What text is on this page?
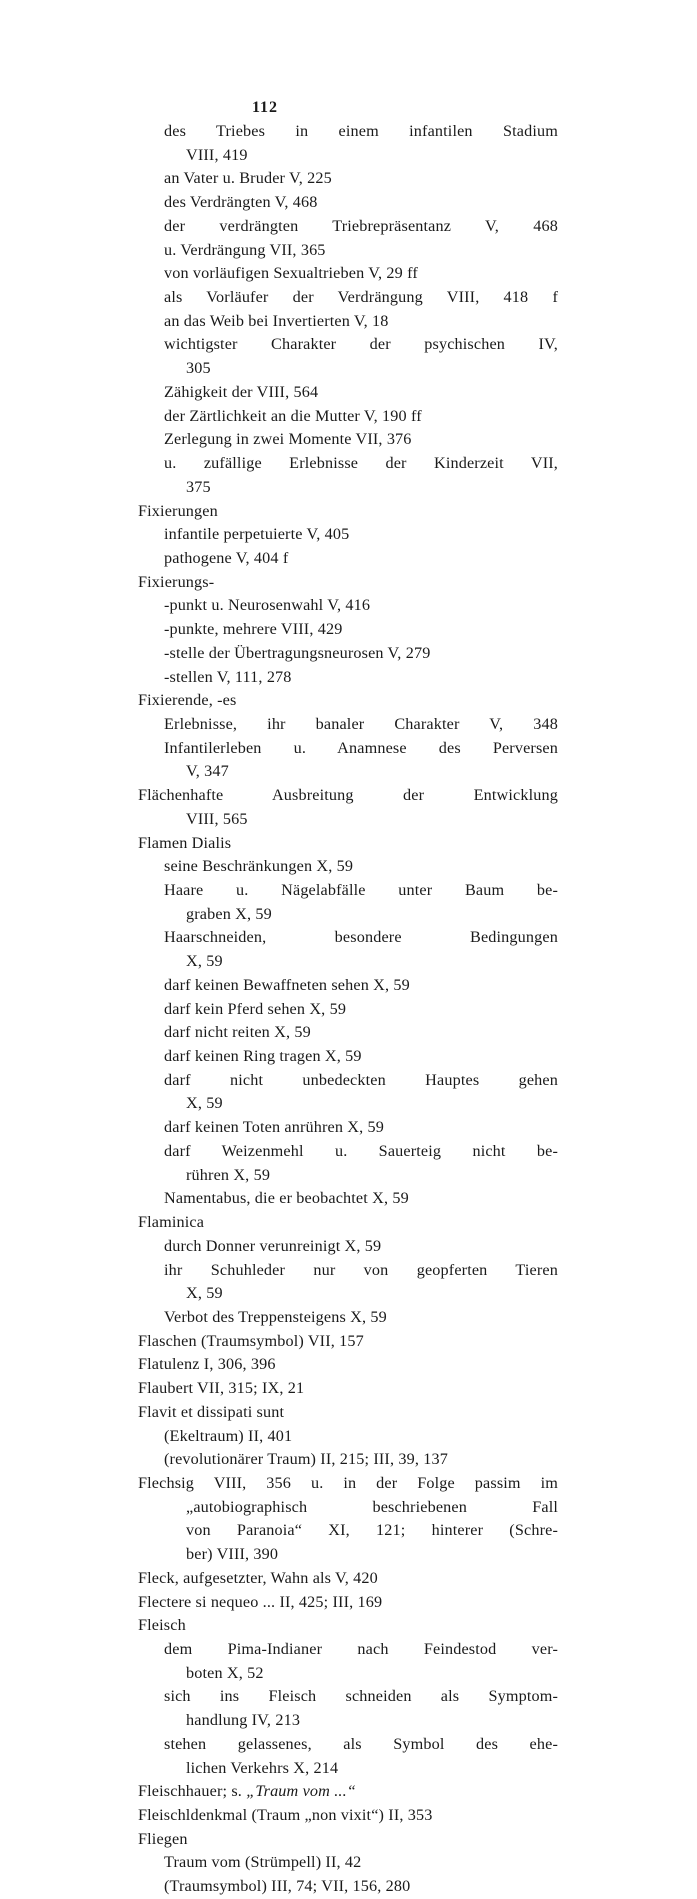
112
des Triebes in einem infantilen Stadium
VIII, 419
an Vater u. Bruder V, 225
des Verdrängten V, 468
der verdrängten Triebrepräsentanz V, 468
u. Verdrängung VII, 365
von vorläufigen Sexualtrieben V, 29 ff
als Vorläufer der Verdrängung VIII, 418 f
an das Weib bei Invertierten V, 18
wichtigster Charakter der psychischen IV,
305
Zähigkeit der VIII, 564
der Zärtlichkeit an die Mutter V, 190 ff
Zerlegung in zwei Momente VII, 376
u. zufällige Erlebnisse der Kinderzeit VII,
375
Fixierungen
infantile perpetuierte V, 405
pathogene V, 404 f
Fixierungs-
-punkt u. Neurosenwahl V, 416
-punkte, mehrere VIII, 429
-stelle der Übertragungsneurosen V, 279
-stellen V, 111, 278
Fixierende, -es
Erlebnisse, ihr banaler Charakter V, 348
Infantilerleben u. Anamnese des Perversen
V, 347
Flächenhafte Ausbreitung der Entwicklung
VIII, 565
Flamen Dialis
seine Beschränkungen X, 59
Haare u. Nägelabfälle unter Baum be-
graben X, 59
Haarschneiden, besondere Bedingungen
X, 59
darf keinen Bewaffneten sehen X, 59
darf kein Pferd sehen X, 59
darf nicht reiten X, 59
darf keinen Ring tragen X, 59
darf nicht unbedeckten Hauptes gehen
X, 59
darf keinen Toten anrühren X, 59
darf Weizenmehl u. Sauerteig nicht be-
rühren X, 59
Namentabus, die er beobachtet X, 59
Flaminica
durch Donner verunreinigt X, 59
ihr Schuhleder nur von geopferten Tieren
X, 59
Verbot des Treppensteigens X, 59
Flaschen (Traumsymbol) VII, 157
Flatulenz I, 306, 396
Flaubert VII, 315; IX, 21
Flavit et dissipati sunt
(Ekeltraum) II, 401
(revolutionärer Traum) II, 215; III, 39, 137
Flechsig VIII, 356 u. in der Folge passim im
„autobiographisch beschriebenen Fall
von Paranoia“ XI, 121; hinterer (Schre-
ber) VIII, 390
Fleck, aufgesetzter, Wahn als V, 420
Flectere si nequeo ... II, 425; III, 169
Fleisch
dem Pima-Indianer nach Feindestod ver-
boten X, 52
sich ins Fleisch schneiden als Symptom-
handlung IV, 213
stehen gelassenes, als Symbol des ehe-
lichen Verkehrs X, 214
Fleischhauer; s. „Traum vom ...“
Fleischldenkmal (Traum „non vixit“) II, 353
Fliegen
Traum vom (Strümpell) II, 42
(Traumsymbol) III, 74; VII, 156, 280
